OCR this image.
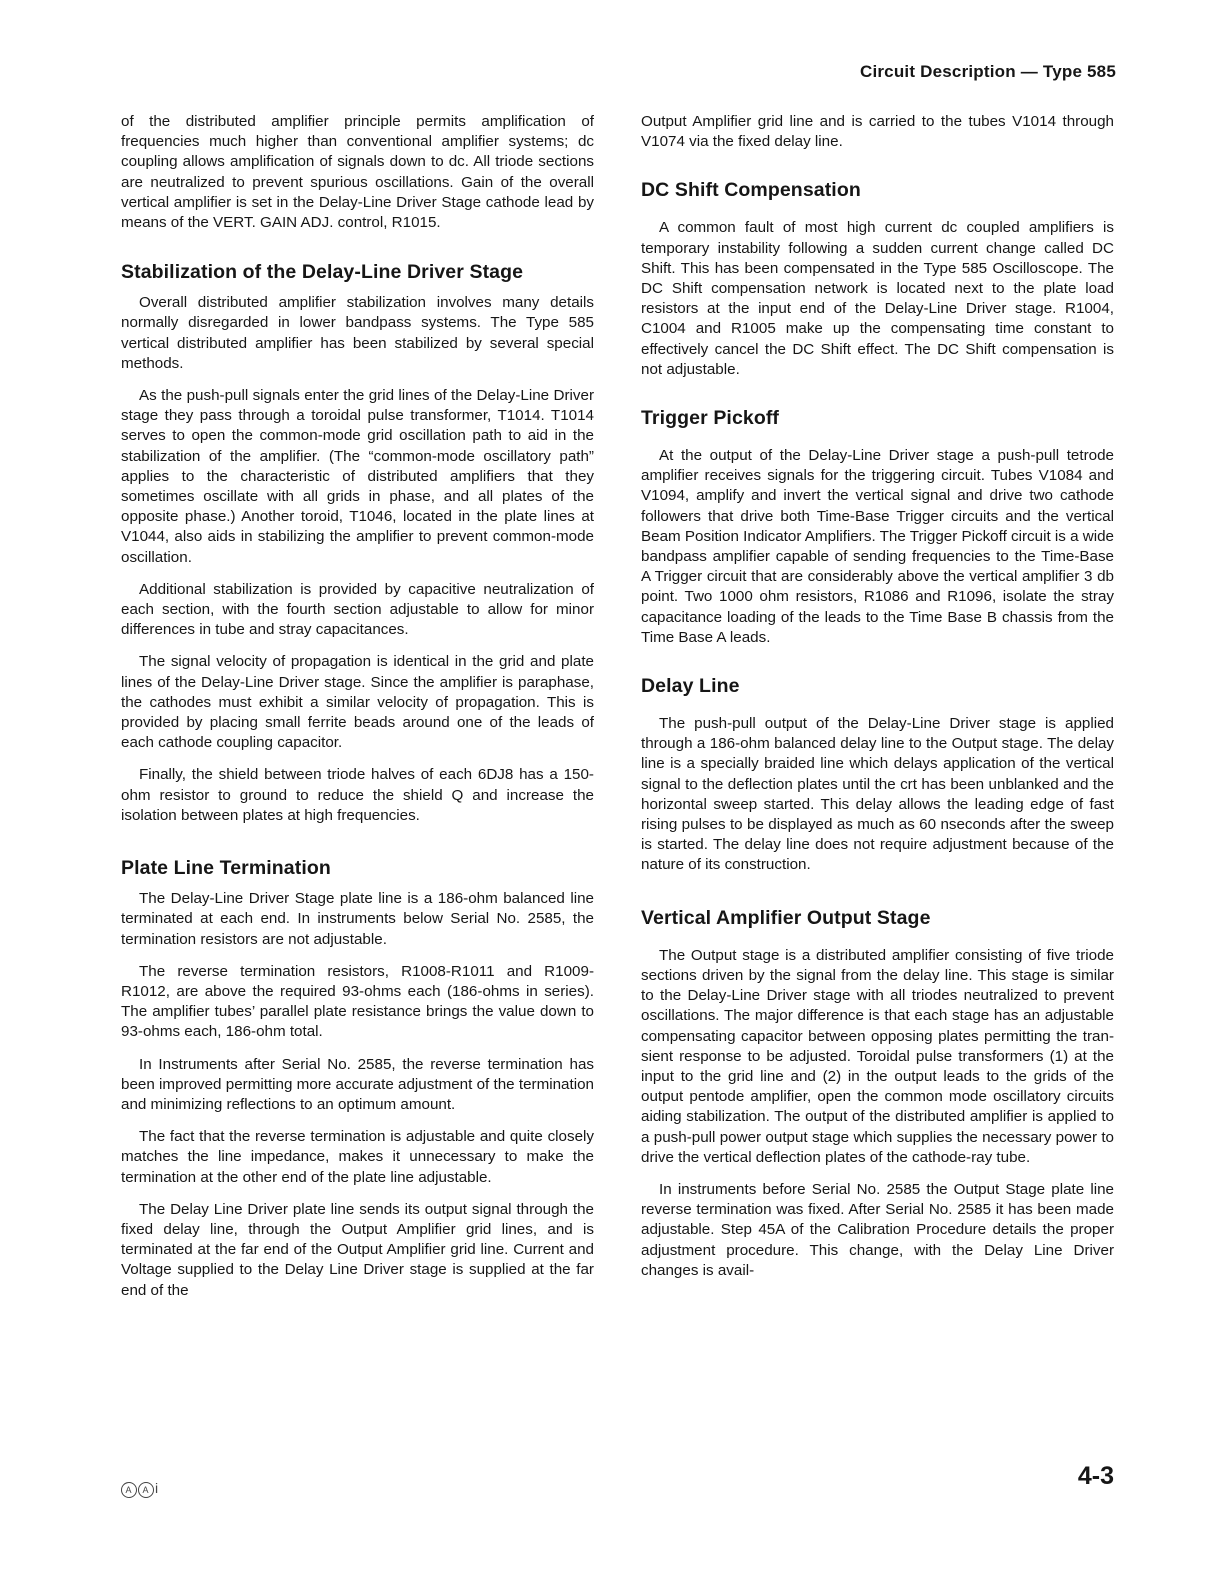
Circuit Description — Type 585

of the distributed amplifier principle permits amplification of frequencies much higher than conventional amplifier systems; dc coupling allows amplification of signals down to dc. All triode sections are neutralized to prevent spurious oscillations. Gain of the overall vertical amplifier is set in the Delay-Line Driver Stage cathode lead by means of the VERT. GAIN ADJ. control, R1015.

Stabilization of the Delay-Line Driver Stage

Overall distributed amplifier stabilization involves many details normally disregarded in lower bandpass systems. The Type 585 vertical distributed amplifier has been stabilized by several special methods.

As the push-pull signals enter the grid lines of the Delay-Line Driver stage they pass through a toroidal pulse transformer, T1014. T1014 serves to open the common-mode grid oscillation path to aid in the stabilization of the amplifier. (The “common-mode oscillatory path” applies to the characteristic of distributed amplifiers that they sometimes oscillate with all grids in phase, and all plates of the opposite phase.) Another toroid, T1046, located in the plate lines at V1044, also aids in stabilizing the amplifier to prevent common-mode oscillation.

Additional stabilization is provided by capacitive neutralization of each section, with the fourth section adjustable to allow for minor differences in tube and stray capacitances.

The signal velocity of propagation is identical in the grid and plate lines of the Delay-Line Driver stage. Since the amplifier is paraphase, the cathodes must exhibit a similar velocity of propagation. This is provided by placing small ferrite beads around one of the leads of each cathode coupling capacitor.

Finally, the shield between triode halves of each 6DJ8 has a 150-ohm resistor to ground to reduce the shield Q and increase the isolation between plates at high frequencies.

Plate Line Termination

The Delay-Line Driver Stage plate line is a 186-ohm balanced line terminated at each end. In instruments below Serial No. 2585, the termination resistors are not adjustable.

The reverse termination resistors, R1008-R1011 and R1009-R1012, are above the required 93-ohms each (186-ohms in series). The amplifier tubes’ parallel plate resistance brings the value down to 93-ohms each, 186-ohm total.

In Instruments after Serial No. 2585, the reverse termination has been improved permitting more accurate adjustment of the termination and minimizing reflections to an optimum amount.

The fact that the reverse termination is adjustable and quite closely matches the line impedance, makes it unnecessary to make the termination at the other end of the plate line adjustable.

The Delay Line Driver plate line sends its output signal through the fixed delay line, through the Output Amplifier grid lines, and is terminated at the far end of the Output Amplifier grid line. Current and Voltage supplied to the Delay Line Driver stage is supplied at the far end of the

Output Amplifier grid line and is carried to the tubes V1014 through V1074 via the fixed delay line.

DC Shift Compensation

A common fault of most high current dc coupled amplifiers is temporary instability following a sudden current change called DC Shift. This has been compensated in the Type 585 Oscilloscope. The DC Shift compensation network is located next to the plate load resistors at the input end of the Delay-Line Driver stage. R1004, C1004 and R1005 make up the compensating time constant to effectively cancel the DC Shift effect. The DC Shift compensation is not adjustable.

Trigger Pickoff

At the output of the Delay-Line Driver stage a push-pull tetrode amplifier receives signals for the triggering circuit. Tubes V1084 and V1094, amplify and invert the vertical signal and drive two cathode followers that drive both Time-Base Trigger circuits and the vertical Beam Position Indicator Amplifiers. The Trigger Pickoff circuit is a wide bandpass amplifier capable of sending frequencies to the Time-Base A Trigger circuit that are considerably above the vertical amplifier 3 db point. Two 1000 ohm resistors, R1086 and R1096, isolate the stray capacitance loading of the leads to the Time Base B chassis from the Time Base A leads.

Delay Line

The push-pull output of the Delay-Line Driver stage is applied through a 186-ohm balanced delay line to the Output stage. The delay line is a specially braided line which delays application of the vertical signal to the deflection plates until the crt has been unblanked and the horizontal sweep started. This delay allows the leading edge of fast rising pulses to be displayed as much as 60 nseconds after the sweep is started. The delay line does not require adjustment because of the nature of its construction.

Vertical Amplifier Output Stage

The Output stage is a distributed amplifier consisting of five triode sections driven by the signal from the delay line. This stage is similar to the Delay-Line Driver stage with all triodes neutralized to prevent oscillations. The major difference is that each stage has an adjustable compensating capacitor between opposing plates permitting the transient response to be adjusted. Toroidal pulse transformers (1) at the input to the grid line and (2) in the output leads to the grids of the output pentode amplifier, open the common mode oscillatory circuits aiding stabilization. The output of the distributed amplifier is applied to a push-pull power output stage which supplies the necessary power to drive the vertical deflection plates of the cathode-ray tube.

In instruments before Serial No. 2585 the Output Stage plate line reverse termination was fixed. After Serial No. 2585 it has been made adjustable. Step 45A of the Calibration Procedure details the proper adjustment procedure. This change, with the Delay Line Driver changes is avail-

A A i	4-3
